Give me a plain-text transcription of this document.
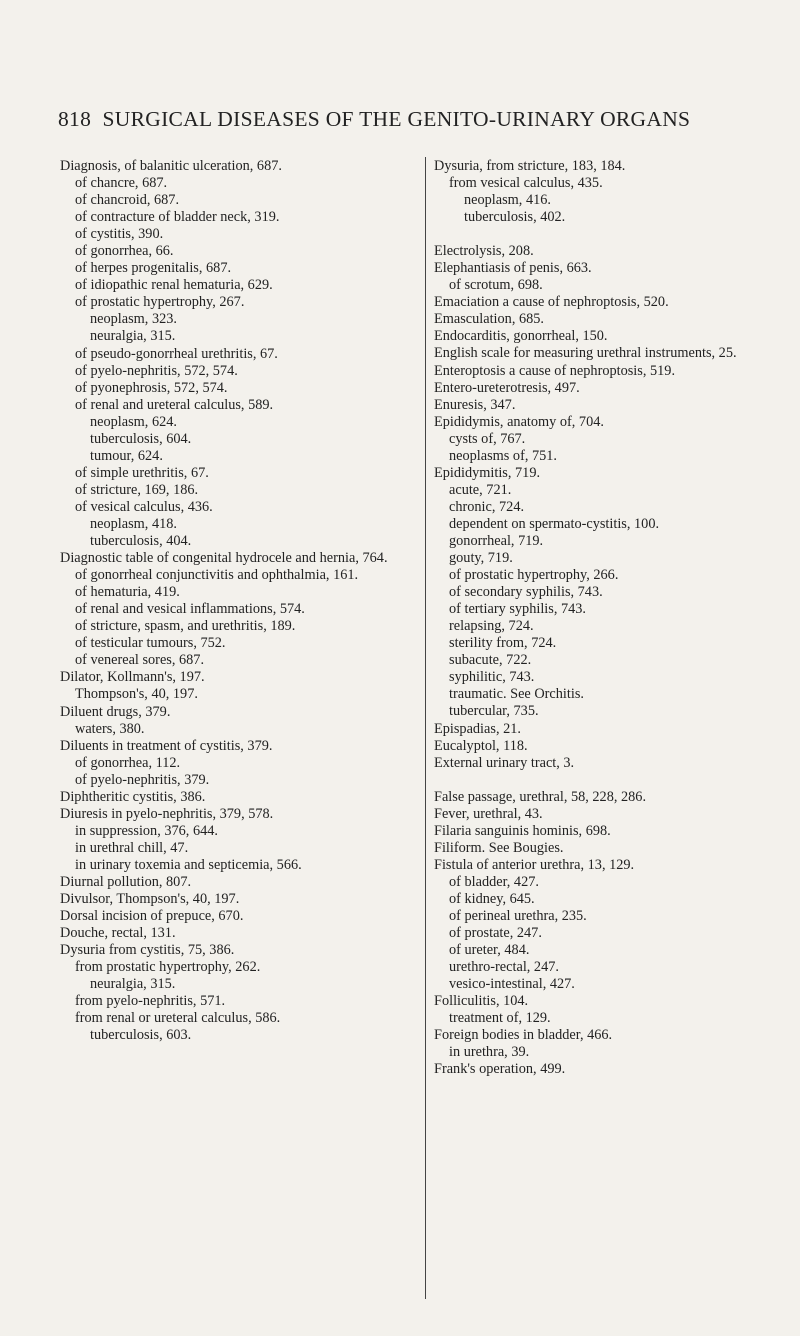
818 SURGICAL DISEASES OF THE GENITO-URINARY ORGANS
Diagnosis, of balanitic ulceration, 687.
of chancre, 687.
of chancroid, 687.
of contracture of bladder neck, 319.
of cystitis, 390.
of gonorrhea, 66.
of herpes progenitalis, 687.
of idiopathic renal hematuria, 629.
of prostatic hypertrophy, 267.
neoplasm, 323.
neuralgia, 315.
of pseudo-gonorrheal urethritis, 67.
of pyelo-nephritis, 572, 574.
of pyonephrosis, 572, 574.
of renal and ureteral calculus, 589.
neoplasm, 624.
tuberculosis, 604.
tumour, 624.
of simple urethritis, 67.
of stricture, 169, 186.
of vesical calculus, 436.
neoplasm, 418.
tuberculosis, 404.
Diagnostic table of congenital hydrocele and hernia, 764.
of gonorrheal conjunctivitis and ophthalmia, 161.
of hematuria, 419.
of renal and vesical inflammations, 574.
of stricture, spasm, and urethritis, 189.
of testicular tumours, 752.
of venereal sores, 687.
Dilator, Kollmann's, 197.
Thompson's, 40, 197.
Diluent drugs, 379.
waters, 380.
Diluents in treatment of cystitis, 379.
of gonorrhea, 112.
of pyelo-nephritis, 379.
Diphtheritic cystitis, 386.
Diuresis in pyelo-nephritis, 379, 578.
in suppression, 376, 644.
in urethral chill, 47.
in urinary toxemia and septicemia, 566.
Diurnal pollution, 807.
Divulsor, Thompson's, 40, 197.
Dorsal incision of prepuce, 670.
Douche, rectal, 131.
Dysuria from cystitis, 75, 386.
from prostatic hypertrophy, 262.
neuralgia, 315.
from pyelo-nephritis, 571.
from renal or ureteral calculus, 586.
tuberculosis, 603.
Dysuria, from stricture, 183, 184.
from vesical calculus, 435.
neoplasm, 416.
tuberculosis, 402.
Electrolysis, 208.
Elephantiasis of penis, 663.
of scrotum, 698.
Emaciation a cause of nephroptosis, 520.
Emasculation, 685.
Endocarditis, gonorrheal, 150.
English scale for measuring urethral instruments, 25.
Enteroptosis a cause of nephroptosis, 519.
Entero-ureterotresis, 497.
Enuresis, 347.
Epididymis, anatomy of, 704.
cysts of, 767.
neoplasms of, 751.
Epididymitis, 719.
acute, 721.
chronic, 724.
dependent on spermato-cystitis, 100.
gonorrheal, 719.
gouty, 719.
of prostatic hypertrophy, 266.
of secondary syphilis, 743.
of tertiary syphilis, 743.
relapsing, 724.
sterility from, 724.
subacute, 722.
syphilitic, 743.
traumatic. See Orchitis.
tubercular, 735.
Epispadias, 21.
Eucalyptol, 118.
External urinary tract, 3.
False passage, urethral, 58, 228, 286.
Fever, urethral, 43.
Filaria sanguinis hominis, 698.
Filiform. See Bougies.
Fistula of anterior urethra, 13, 129.
of bladder, 427.
of kidney, 645.
of perineal urethra, 235.
of prostate, 247.
of ureter, 484.
urethro-rectal, 247.
vesico-intestinal, 427.
Folliculitis, 104.
treatment of, 129.
Foreign bodies in bladder, 466.
in urethra, 39.
Frank's operation, 499.
